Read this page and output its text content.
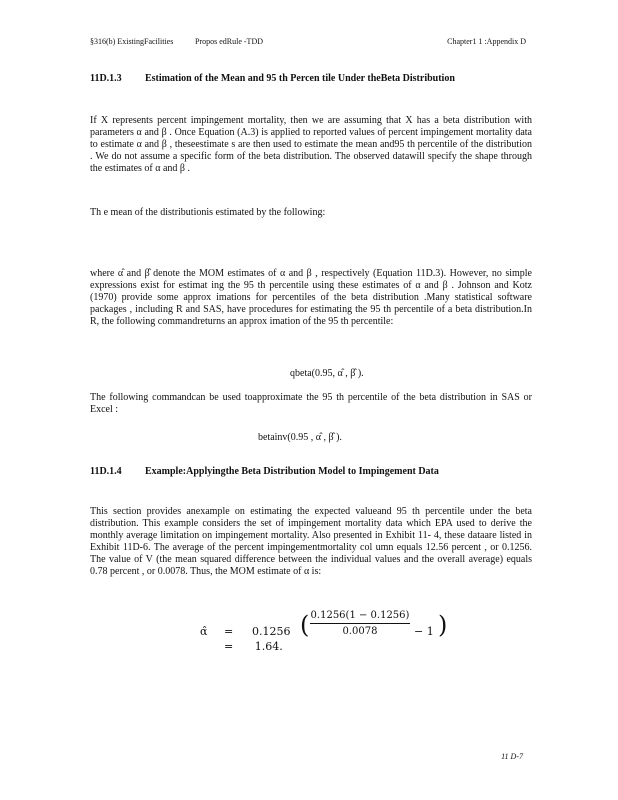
§316(b) ExistingFacilities	Propos edRule -TDD	Chapter1 1 :Appendix D
11D.1.3 Estimation of the Mean and 95 th Percen tile Under theBeta Distribution

If X represents percent impingement mortality, then we are assuming that X has a beta distribution with parameters α and β . Once Equation (A.3) is applied to reported values of percent impingement mortality data to estimate α and β , theseestimate s are then used to estimate the mean and95 th percentile of the distribution . We do not assume a specific form of the beta distribution. The observed datawill specify the shape through the estimates of α and β .

Th e mean of the distributionis estimated by the following:

where α̂ and β̂ denote the MOM estimates of α and β , respectively (Equation 11D.3). However, no simple expressions exist for estimat ing the 95 th percentile using these estimates of α and β . Johnson and Kotz (1970) provide some approx imations for percentiles of the beta distribution .Many statistical software packages , including R and SAS, have procedures for estimating the 95 th percentile of a beta distribution.In R, the following commandreturns an approx imation of the 95 th percentile:

qbeta(0.95, α̂ , β̂ ).

The following commandcan be used toapproximate the 95 th percentile of the beta distribution in SAS or Excel :

betainv(0.95 , α̂ , β̂ ).
11D.1.4 Example:Applyingthe Beta Distribution Model to Impingement Data

This section provides anexample on estimating the expected valueand 95 th percentile under the beta distribution. This example considers the set of impingement mortality data which EPA used to derive the monthly average limitation on impingement mortality. Also presented in Exhibit 11- 4, these dataare listed in Exhibit 11D-6. The average of the percent impingementmortality col umn equals 12.56 percent , or 0.1256. The value of V (the mean squared difference between the individual values and the overall average) equals 0.78 percent , or 0.0078. Thus, the MOM estimate of α is:

α̂ = 0.1256 ( 0.1256(1 − 0.1256)
0.0078	− 1 )
= 1.64.
11 D-7
